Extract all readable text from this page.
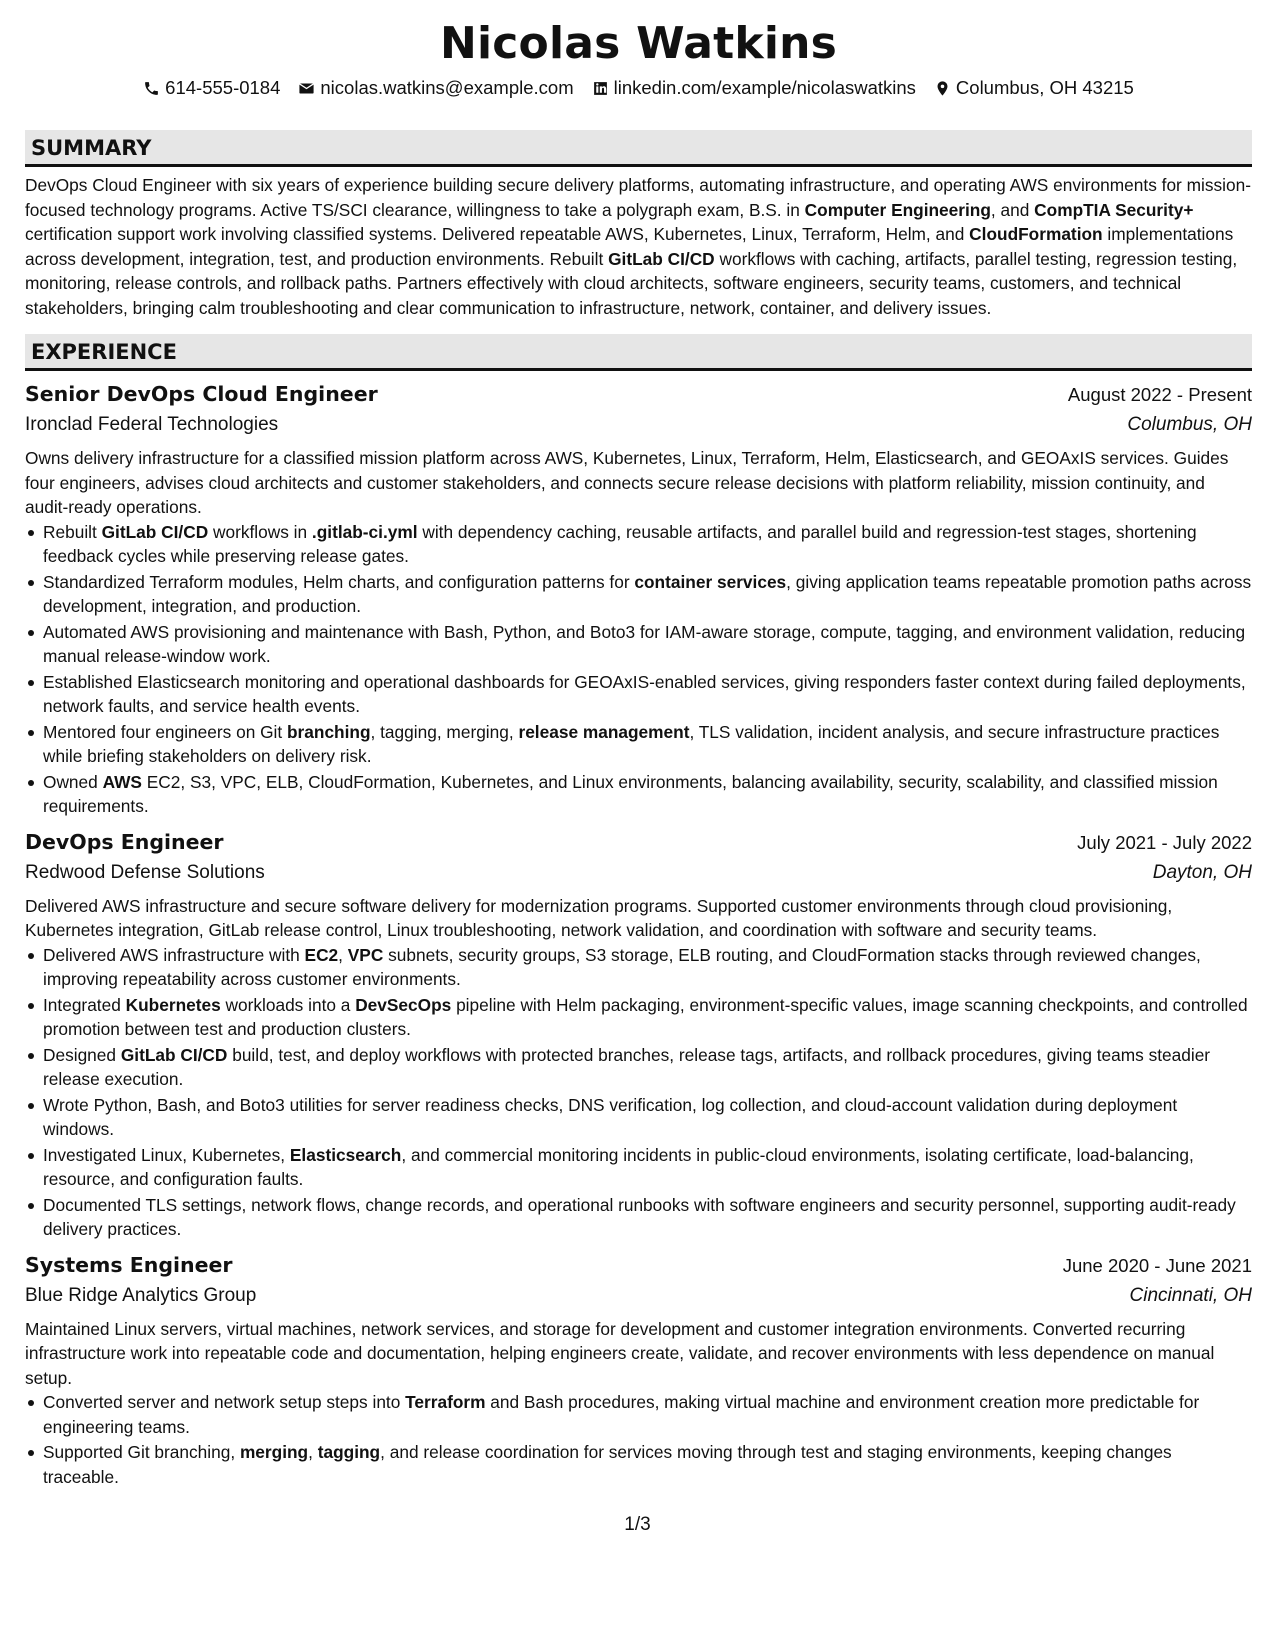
Nicolas Watkins
614-555-0184 nicolas.watkins@example.com linkedin.com/example/nicolaswatkins Columbus, OH 43215
SUMMARY

DevOps Cloud Engineer with six years of experience building secure delivery platforms, automating infrastructure, and operating AWS environments for mission-focused technology programs. Active TS/SCI clearance, willingness to take a polygraph exam, B.S. in Computer Engineering, and CompTIA Security+ certification support work involving classified systems. Delivered repeatable AWS, Kubernetes, Linux, Terraform, Helm, and CloudFormation implementations across development, integration, test, and production environments. Rebuilt GitLab CI/CD workflows with caching, artifacts, parallel testing, regression testing, monitoring, release controls, and rollback paths. Partners effectively with cloud architects, software engineers, security teams, customers, and technical stakeholders, bringing calm troubleshooting and clear communication to infrastructure, network, container, and delivery issues.

EXPERIENCE
Senior DevOps Cloud Engineer	August 2022 - Present
Ironclad Federal Technologies	Columbus, OH
Owns delivery infrastructure for a classified mission platform across AWS, Kubernetes, Linux, Terraform, Helm, Elasticsearch, and GEOAxIS services. Guides four engineers, advises cloud architects and customer stakeholders, and connects secure release decisions with platform reliability, mission continuity, and audit-ready operations.
Rebuilt GitLab CI/CD workflows in .gitlab-ci.yml with dependency caching, reusable artifacts, and parallel build and regression-test stages, shortening feedback cycles while preserving release gates.
Standardized Terraform modules, Helm charts, and configuration patterns for container services, giving application teams repeatable promotion paths across development, integration, and production.
Automated AWS provisioning and maintenance with Bash, Python, and Boto3 for IAM-aware storage, compute, tagging, and environment validation, reducing manual release-window work.
Established Elasticsearch monitoring and operational dashboards for GEOAxIS-enabled services, giving responders faster context during failed deployments, network faults, and service health events.
Mentored four engineers on Git branching, tagging, merging, release management, TLS validation, incident analysis, and secure infrastructure practices while briefing stakeholders on delivery risk.
Owned AWS EC2, S3, VPC, ELB, CloudFormation, Kubernetes, and Linux environments, balancing availability, security, scalability, and classified mission requirements.
DevOps Engineer	July 2021 - July 2022
Redwood Defense Solutions	Dayton, OH
Delivered AWS infrastructure and secure software delivery for modernization programs. Supported customer environments through cloud provisioning, Kubernetes integration, GitLab release control, Linux troubleshooting, network validation, and coordination with software and security teams.
Delivered AWS infrastructure with EC2, VPC subnets, security groups, S3 storage, ELB routing, and CloudFormation stacks through reviewed changes, improving repeatability across customer environments.
Integrated Kubernetes workloads into a DevSecOps pipeline with Helm packaging, environment-specific values, image scanning checkpoints, and controlled promotion between test and production clusters.
Designed GitLab CI/CD build, test, and deploy workflows with protected branches, release tags, artifacts, and rollback procedures, giving teams steadier release execution.
Wrote Python, Bash, and Boto3 utilities for server readiness checks, DNS verification, log collection, and cloud-account validation during deployment windows.
Investigated Linux, Kubernetes, Elasticsearch, and commercial monitoring incidents in public-cloud environments, isolating certificate, load-balancing, resource, and configuration faults.
Documented TLS settings, network flows, change records, and operational runbooks with software engineers and security personnel, supporting audit-ready delivery practices.
Systems Engineer	June 2020 - June 2021
Blue Ridge Analytics Group	Cincinnati, OH
Maintained Linux servers, virtual machines, network services, and storage for development and customer integration environments. Converted recurring infrastructure work into repeatable code and documentation, helping engineers create, validate, and recover environments with less dependence on manual setup.
Converted server and network setup steps into Terraform and Bash procedures, making virtual machine and environment creation more predictable for engineering teams.
Supported Git branching, merging, tagging, and release coordination for services moving through test and staging environments, keeping changes traceable.
1/3
